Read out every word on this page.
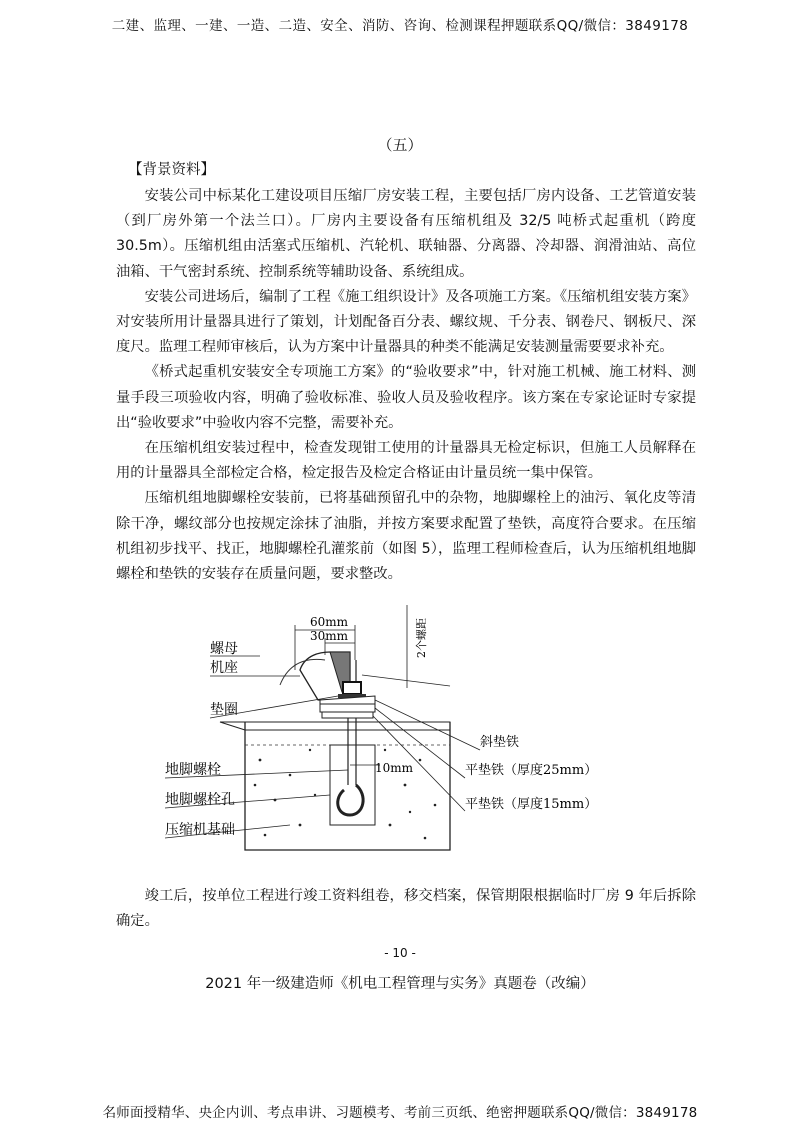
二建、监理、一建、一造、二造、安全、消防、咨询、检测课程押题联系QQ/微信：3849178
（五）
【背景资料】

安装公司中标某化工建设项目压缩厂房安装工程，主要包括厂房内设备、工艺管道安装（到厂房外第一个法兰口）。厂房内主要设备有压缩机组及 32/5 吨桥式起重机（跨度 30.5m）。压缩机组由活塞式压缩机、汽轮机、联轴器、分离器、冷却器、润滑油站、高位油箱、干气密封系统、控制系统等辅助设备、系统组成。

安装公司进场后，编制了工程《施工组织设计》及各项施工方案。《压缩机组安装方案》对安装所用计量器具进行了策划，计划配备百分表、螺纹规、千分表、钢卷尺、钢板尺、深度尺。监理工程师审核后，认为方案中计量器具的种类不能满足安装测量需要要求补充。

《桥式起重机安装安全专项施工方案》的“验收要求”中，针对施工机械、施工材料、测量手段三项验收内容，明确了验收标准、验收人员及验收程序。该方案在专家论证时专家提出“验收要求”中验收内容不完整，需要补充。

在压缩机组安装过程中，检查发现钳工使用的计量器具无检定标识，但施工人员解释在用的计量器具全部检定合格，检定报告及检定合格证由计量员统一集中保管。

压缩机组地脚螺栓安装前，已将基础预留孔中的杂物，地脚螺栓上的油污、氧化皮等清除干净，螺纹部分也按规定涂抹了油脂，并按方案要求配置了垫铁，高度符合要求。在压缩机组初步找平、找正，地脚螺栓孔灌浆前（如图 5），监理工程师检查后，认为压缩机组地脚螺栓和垫铁的安装存在质量问题，要求整改。

60mm
30mm	2个螺距
10mm
螺母
机座
垫圈
地脚螺栓
地脚螺栓孔
压缩机基础
斜垫铁
平垫铁（厚度25mm）
平垫铁（厚度15mm）

竣工后，按单位工程进行竣工资料组卷，移交档案，保管期限根据临时厂房 9 年后拆除确定。

- 10 -
2021 年一级建造师《机电工程管理与实务》真题卷（改编）
名师面授精华、央企内训、考点串讲、习题模考、考前三页纸、绝密押题联系QQ/微信：3849178
